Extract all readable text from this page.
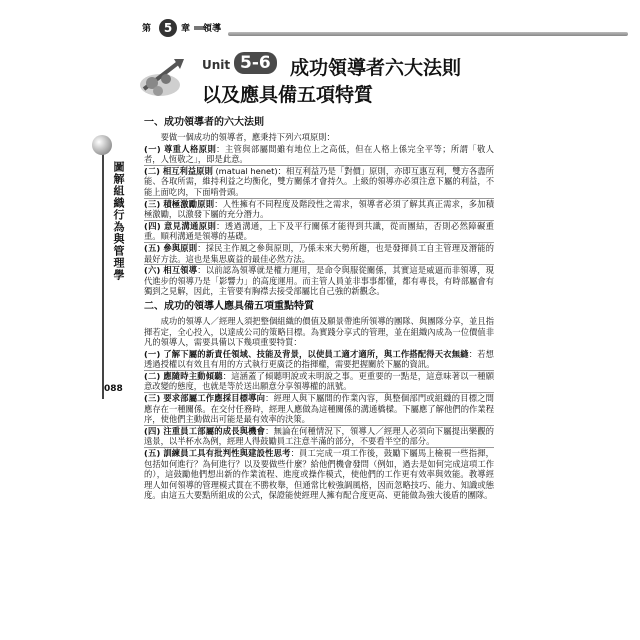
第	5 章 領導
Unit 5-6	成功領導者六大法則
以及應具備五項特質
圖解組織行為與管理學
088
一、成功領導者的六大法則

要做一個成功的領導者，應秉持下列六項原則：

(一) 尊重人格原則：主管與部屬間雖有地位上之高低，但在人格上係完全平等；所謂「敬人者，人恆敬之」，即是此意。

(二) 相互利益原則 (matual henet)：相互利益乃是「對價」原則，亦即互惠互利，雙方各盡所能、各取所需，維持利益之均衡化，雙方關係才會持久。上級的領導亦必須注意下屬的利益，不能上面吃肉，下面啃骨頭。

(三) 積極激勵原則：人性擁有不同程度及階段性之需求，領導者必須了解其真正需求，多加積極激勵，以激發下屬的充分潛力。

(四) 意見溝通原則：透過溝通，上下及平行關係才能得到共識，從而團結，否則必然障礙重重。順利溝通是領導的基礎。

(五) 參與原則：採民主作風之參與原則，乃係未來大勢所趨，也是發揮員工自主管理及潛能的最好方法。這也是集思廣益的最佳必然方法。

(六) 相互領導：以前認為領導就是權力運用，是命令與服從關係，其實這是威逼而非領導，現代進步的領導乃是「影響力」的高度運用。而主管人員並非事事都懂，都有專長，有時部屬會有獨到之見解，因此，主管要有胸襟去接受部屬比自己強的新觀念。

二、成功的領導人應具備五項重點特質

成功的領導人／經理人須把整個組織的價值及願景帶進所領導的團隊、與團隊分享，並且指揮若定，全心投入，以達成公司的策略目標。為實踐分享式的管理，並在組織內成為一位價值非凡的領導人，需要具備以下幾項重要特質：

(一) 了解下屬的新責任領域、技能及背景，以使員工適才適所，與工作搭配得天衣無縫：若想透過授權以有效且有用的方式執行更廣泛的指揮權，需要把握關於下屬的資訊。

(二) 應隨時主動傾聽：這涵蓋了傾聽明說或未明說之事。更重要的一點是，這意味著以一種願意改變的態度，也就是等於送出願意分享領導權的訊號。

(三) 要求部屬工作應採目標導向：經理人與下屬間的作業內容，與整個部門或組織的目標之間應存在一種關係。在交付任務時，經理人應做為這種關係的溝通橋樑。下屬應了解他們的作業程序，使他們主動做出可能是最有效率的決策。

(四) 注重員工部屬的成長與機會：無論在何種情況下，領導人／經理人必須向下屬提出樂觀的遠景，以半杯水為例，經理人得鼓勵員工注意半滿的部分，不要看半空的部分。

(五) 訓練員工具有批判性與建設性思考：員工完成一項工作後，鼓勵下屬馬上檢視一些指揮，包括如何進行？為何進行？以及要做些什麼？給他們機會發問（例如，過去是如何完成這項工作的），這鼓勵他們想出新的作業流程、進度或操作模式，使他們的工作更有效率與效能。教導經理人如何領導的管理模式貫在不勝枚舉，但通常比較強調風格，因而忽略技巧、能力、知識或態度。由這五大要點所組成的公式，保證能使經理人擁有配合度更高、更能做為強大後盾的團隊。
